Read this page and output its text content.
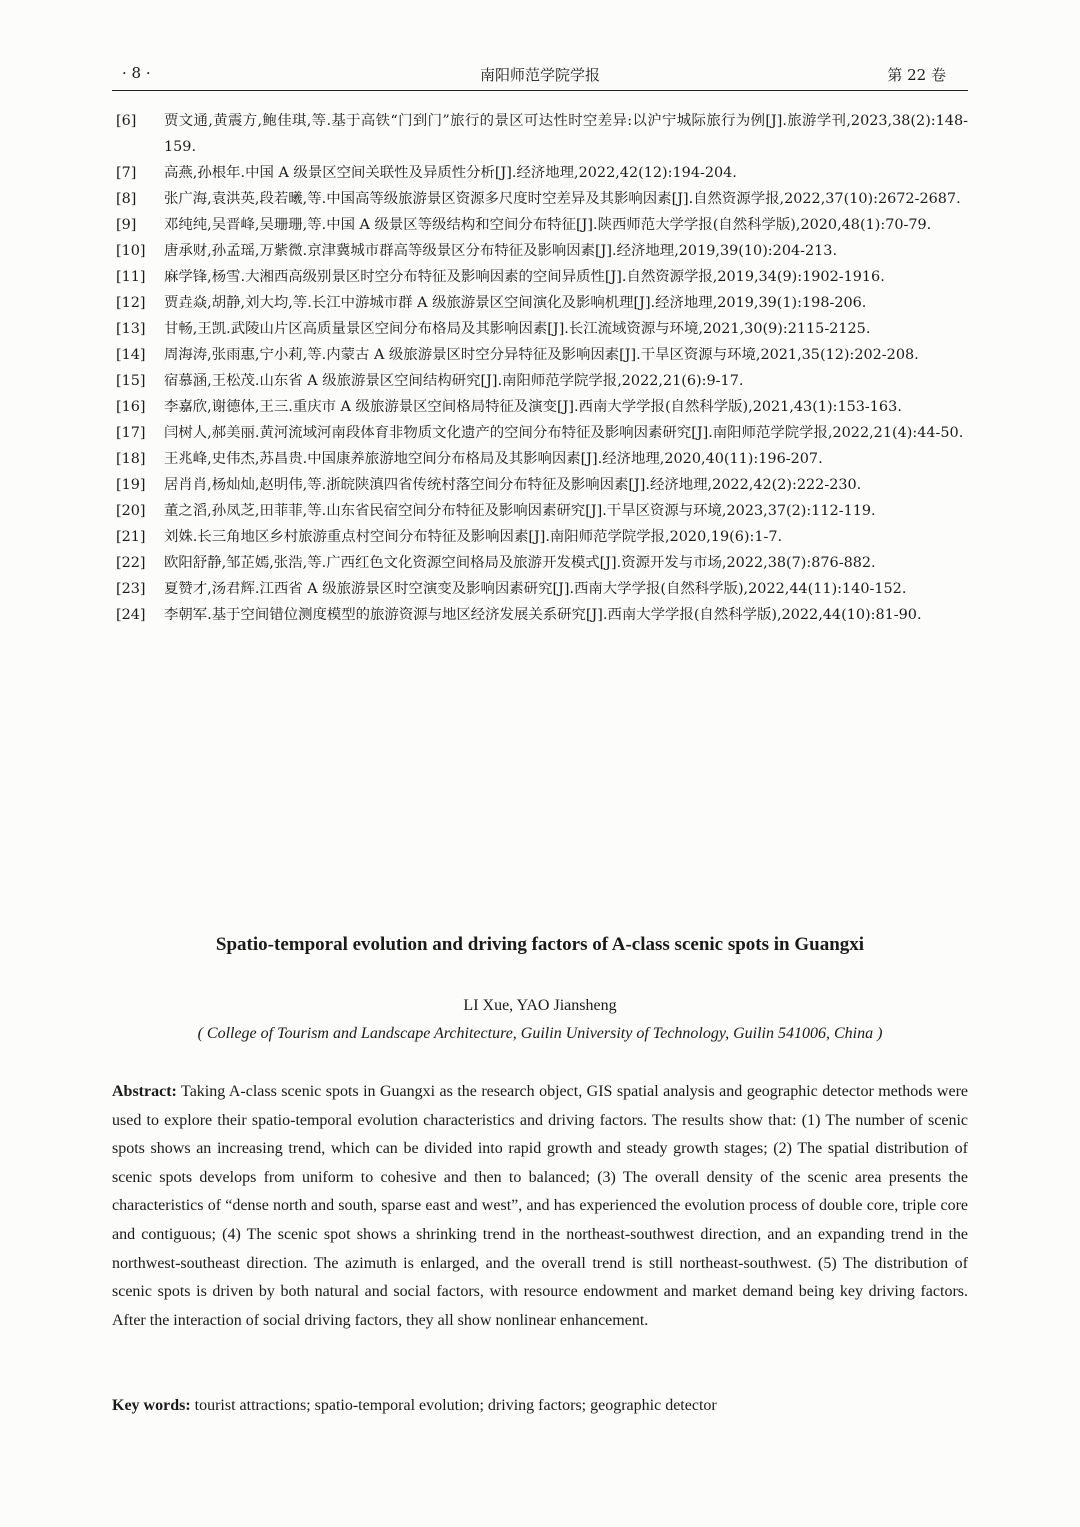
· 8 ·	南阳师范学院学报	第 22 卷

[6] 贾文通,黄震方,鲍佳琪,等.基于高铁“门到门”旅行的景区可达性时空差异:以沪宁城际旅行为例[J].旅游学刊,2023,38(2):148-159.

[7] 高燕,孙根年.中国 A 级景区空间关联性及异质性分析[J].经济地理,2022,42(12):194-204.

[8] 张广海,袁洪英,段若曦,等.中国高等级旅游景区资源多尺度时空差异及其影响因素[J].自然资源学报,2022,37(10):2672-2687.

[9] 邓纯纯,吴晋峰,吴珊珊,等.中国 A 级景区等级结构和空间分布特征[J].陕西师范大学学报(自然科学版),2020,48(1):70-79.

[10] 唐承财,孙孟瑶,万紫微.京津冀城市群高等级景区分布特征及影响因素[J].经济地理,2019,39(10):204-213.

[11] 麻学锋,杨雪.大湘西高级别景区时空分布特征及影响因素的空间异质性[J].自然资源学报,2019,34(9):1902-1916.

[12] 贾垚焱,胡静,刘大均,等.长江中游城市群 A 级旅游景区空间演化及影响机理[J].经济地理,2019,39(1):198-206.

[13] 甘畅,王凯.武陵山片区高质量景区空间分布格局及其影响因素[J].长江流域资源与环境,2021,30(9):2115-2125.

[14] 周海涛,张雨惠,宁小莉,等.内蒙古 A 级旅游景区时空分异特征及影响因素[J].干旱区资源与环境,2021,35(12):202-208.

[15] 宿慕涵,王松茂.山东省 A 级旅游景区空间结构研究[J].南阳师范学院学报,2022,21(6):9-17.

[16] 李嘉欣,谢德体,王三.重庆市 A 级旅游景区空间格局特征及演变[J].西南大学学报(自然科学版),2021,43(1):153-163.

[17] 闫树人,郝美丽.黄河流域河南段体育非物质文化遗产的空间分布特征及影响因素研究[J].南阳师范学院学报,2022,21(4):44-50.

[18] 王兆峰,史伟杰,苏昌贵.中国康养旅游地空间分布格局及其影响因素[J].经济地理,2020,40(11):196-207.

[19] 居肖肖,杨灿灿,赵明伟,等.浙皖陕滇四省传统村落空间分布特征及影响因素[J].经济地理,2022,42(2):222-230.

[20] 董之滔,孙凤芝,田菲菲,等.山东省民宿空间分布特征及影响因素研究[J].干旱区资源与环境,2023,37(2):112-119.

[21] 刘姝.长三角地区乡村旅游重点村空间分布特征及影响因素[J].南阳师范学院学报,2020,19(6):1-7.

[22] 欧阳舒静,邹芷嫣,张浩,等.广西红色文化资源空间格局及旅游开发模式[J].资源开发与市场,2022,38(7):876-882.

[23] 夏赞才,汤君辉.江西省 A 级旅游景区时空演变及影响因素研究[J].西南大学学报(自然科学版),2022,44(11):140-152.

[24] 李朝军.基于空间错位测度模型的旅游资源与地区经济发展关系研究[J].西南大学学报(自然科学版),2022,44(10):81-90.

Spatio-temporal evolution and driving factors of A-class scenic spots in Guangxi
LI Xue, YAO Jiansheng
( College of Tourism and Landscape Architecture, Guilin University of Technology, Guilin 541006, China )

Abstract: Taking A-class scenic spots in Guangxi as the research object, GIS spatial analysis and geographic detector methods were used to explore their spatio-temporal evolution characteristics and driving factors. The results show that: (1) The number of scenic spots shows an increasing trend, which can be divided into rapid growth and steady growth stages; (2) The spatial distribution of scenic spots develops from uniform to cohesive and then to balanced; (3) The overall density of the scenic area presents the characteristics of “dense north and south, sparse east and west”, and has experienced the evolution process of double core, triple core and contiguous; (4) The scenic spot shows a shrinking trend in the northeast-southwest direction, and an expanding trend in the northwest-southeast direction. The azimuth is enlarged, and the overall trend is still northeast-southwest. (5) The distribution of scenic spots is driven by both natural and social factors, with resource endowment and market demand being key driving factors. After the interaction of social driving factors, they all show nonlinear enhancement.

Key words: tourist attractions; spatio-temporal evolution; driving factors; geographic detector
